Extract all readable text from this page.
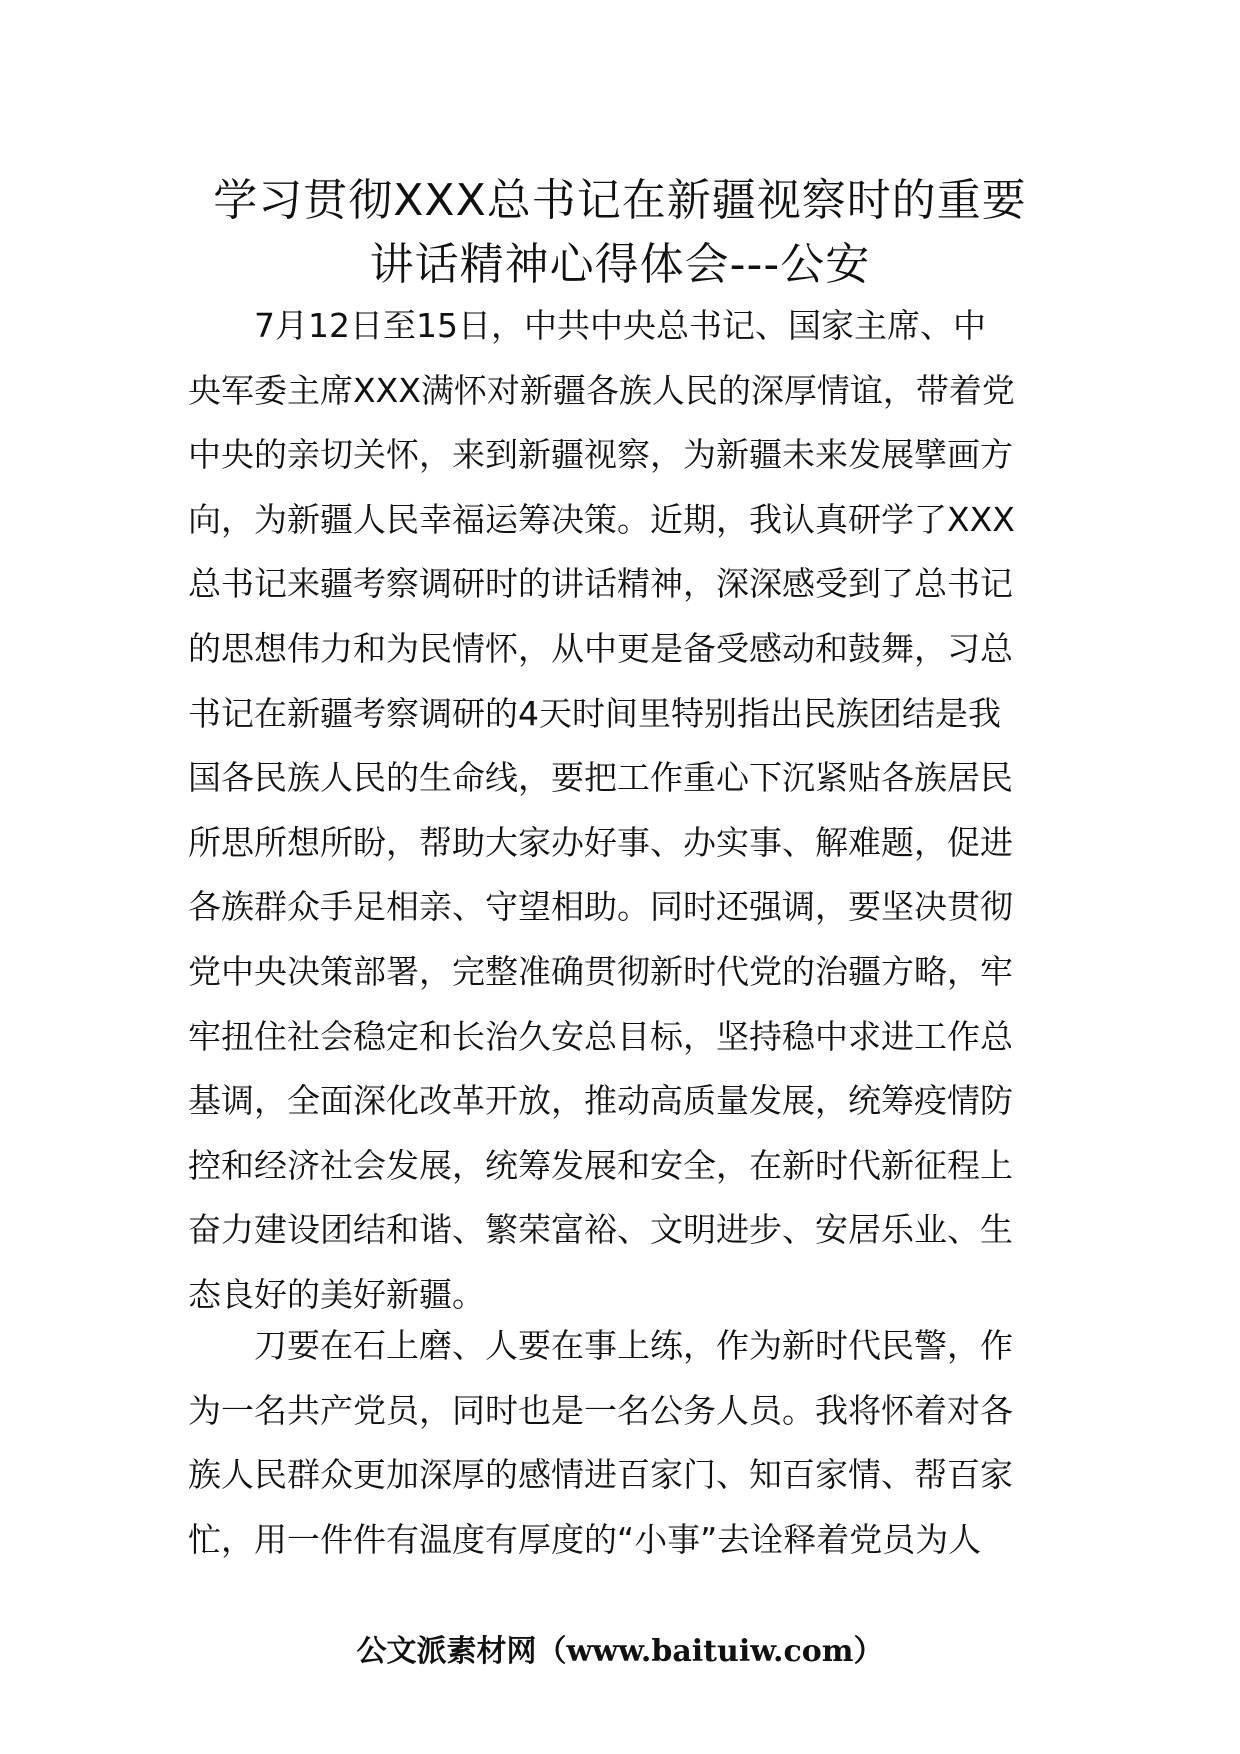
学习贯彻XXX总书记在新疆视察时的重要
讲话精神心得体会---公安
7月12日至15日，中共中央总书记、国家主席、中
央军委主席XXX满怀对新疆各族人民的深厚情谊，带着党
中央的亲切关怀，来到新疆视察，为新疆未来发展擘画方
向，为新疆人民幸福运筹决策。近期，我认真研学了XXX
总书记来疆考察调研时的讲话精神，深深感受到了总书记
的思想伟力和为民情怀，从中更是备受感动和鼓舞，习总
书记在新疆考察调研的4天时间里特别指出民族团结是我
国各民族人民的生命线，要把工作重心下沉紧贴各族居民
所思所想所盼，帮助大家办好事、办实事、解难题，促进
各族群众手足相亲、守望相助。同时还强调，要坚决贯彻
党中央决策部署，完整准确贯彻新时代党的治疆方略，牢
牢扭住社会稳定和长治久安总目标，坚持稳中求进工作总
基调，全面深化改革开放，推动高质量发展，统筹疫情防
控和经济社会发展，统筹发展和安全，在新时代新征程上
奋力建设团结和谐、繁荣富裕、文明进步、安居乐业、生
态良好的美好新疆。
刀要在石上磨、人要在事上练，作为新时代民警，作
为一名共产党员，同时也是一名公务人员。我将怀着对各
族人民群众更加深厚的感情进百家门、知百家情、帮百家
忙，用一件件有温度有厚度的“小事”去诠释着党员为人
公文派素材网（www.baituiw.com）
